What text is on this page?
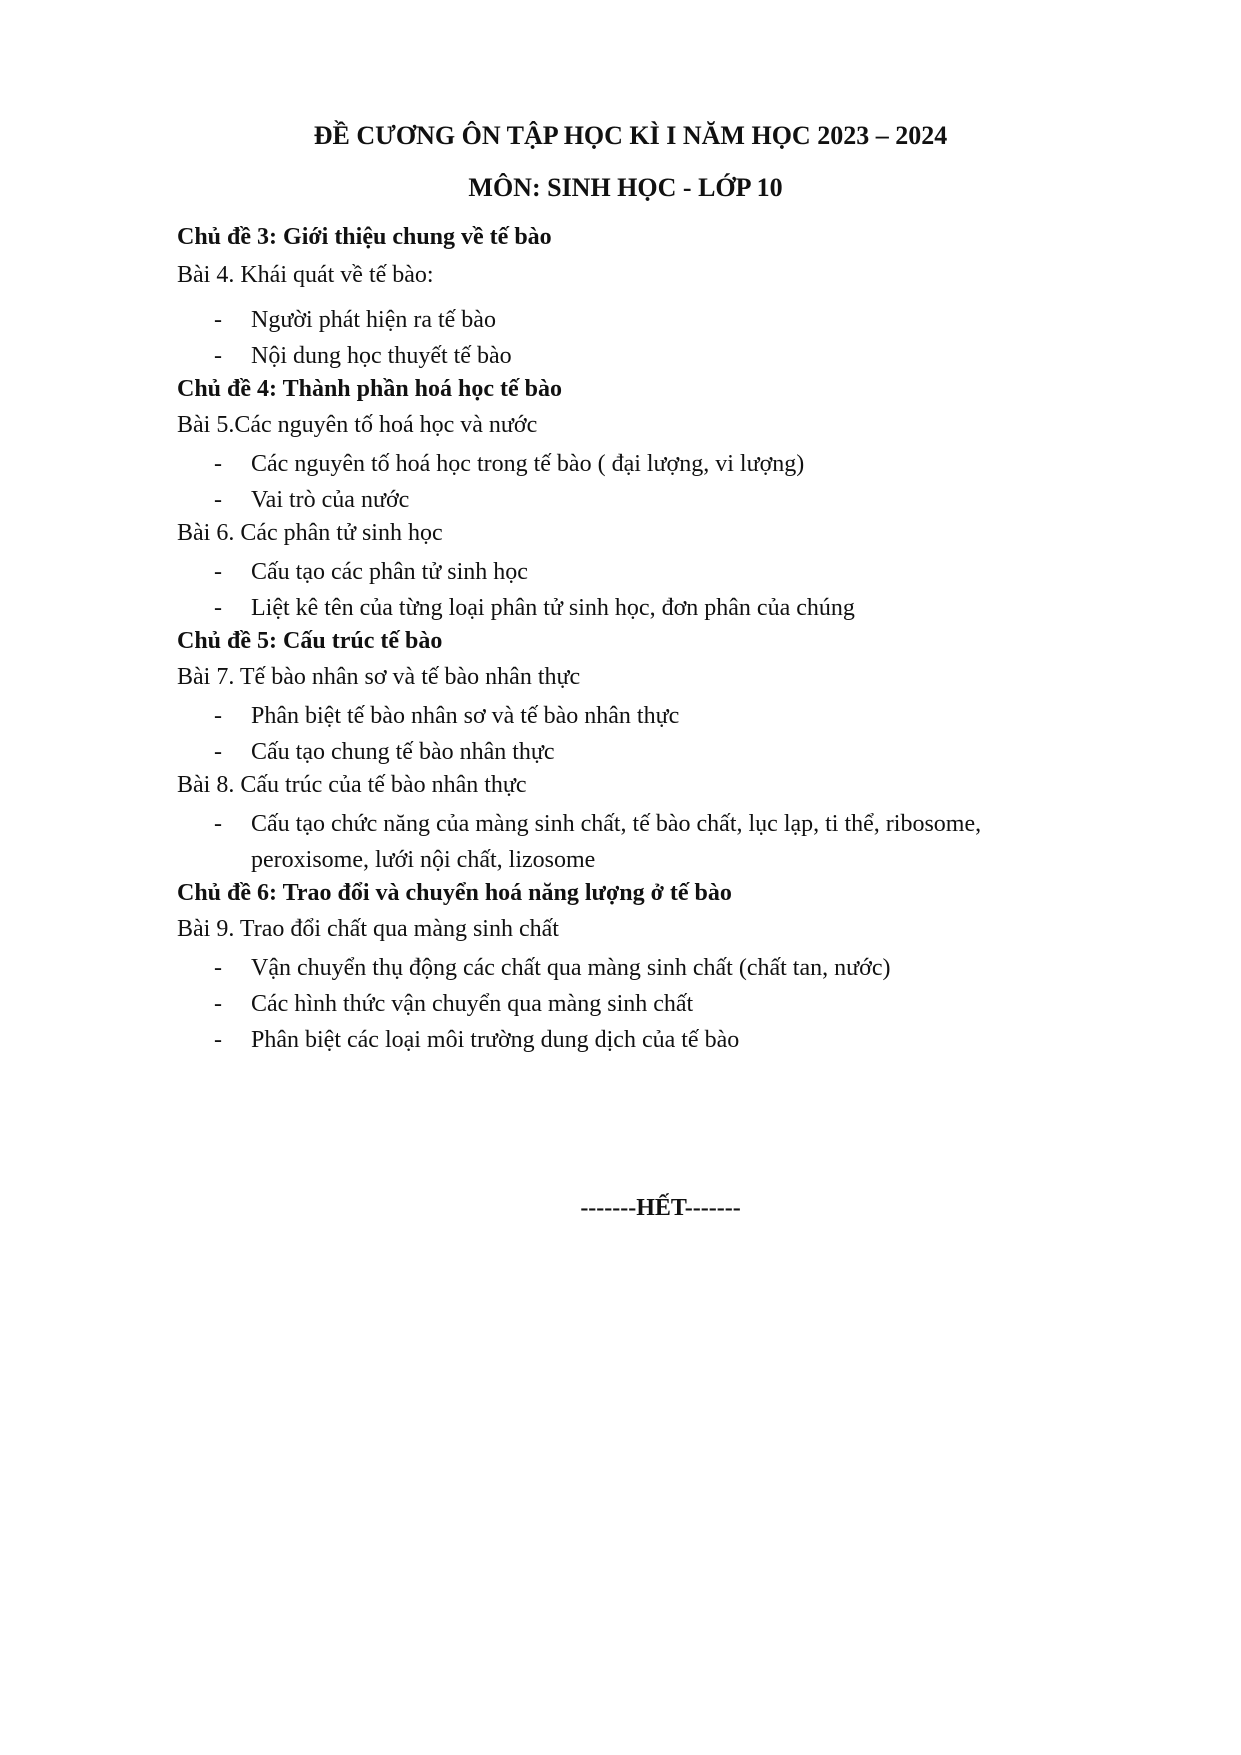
ĐỀ CƯƠNG ÔN TẬP HỌC KÌ I NĂM HỌC 2023 – 2024
MÔN: SINH HỌC - LỚP 10
Chủ đề 3: Giới thiệu chung về tế bào
Bài 4. Khái quát về tế bào:
- Người phát hiện ra tế bào
- Nội dung học thuyết tế bào
Chủ đề 4: Thành phần hoá học tế bào
Bài 5.Các nguyên tố hoá học và nước
- Các nguyên tố hoá học trong tế bào ( đại lượng, vi lượng)
- Vai trò của nước
Bài 6. Các phân tử sinh học
- Cấu tạo các phân tử sinh học
- Liệt kê tên của từng loại phân tử sinh học, đơn phân của chúng
Chủ đề 5: Cấu trúc tế bào
Bài 7. Tế bào nhân sơ và tế bào nhân thực
- Phân biệt tế bào nhân sơ và tế bào nhân thực
- Cấu tạo chung tế bào nhân thực
Bài 8. Cấu trúc của tế bào nhân thực
- Cấu tạo chức năng của màng sinh chất, tế bào chất, lục lạp, ti thể, ribosome, peroxisome, lưới nội chất, lizosome
Chủ đề 6: Trao đổi và chuyển hoá năng lượng ở tế bào
Bài 9. Trao đổi chất qua màng sinh chất
- Vận chuyển thụ động các chất qua màng sinh chất (chất tan, nước)
- Các hình thức vận chuyển qua màng sinh chất
- Phân biệt các loại môi trường dung dịch của tế bào
-------HẾT-------
